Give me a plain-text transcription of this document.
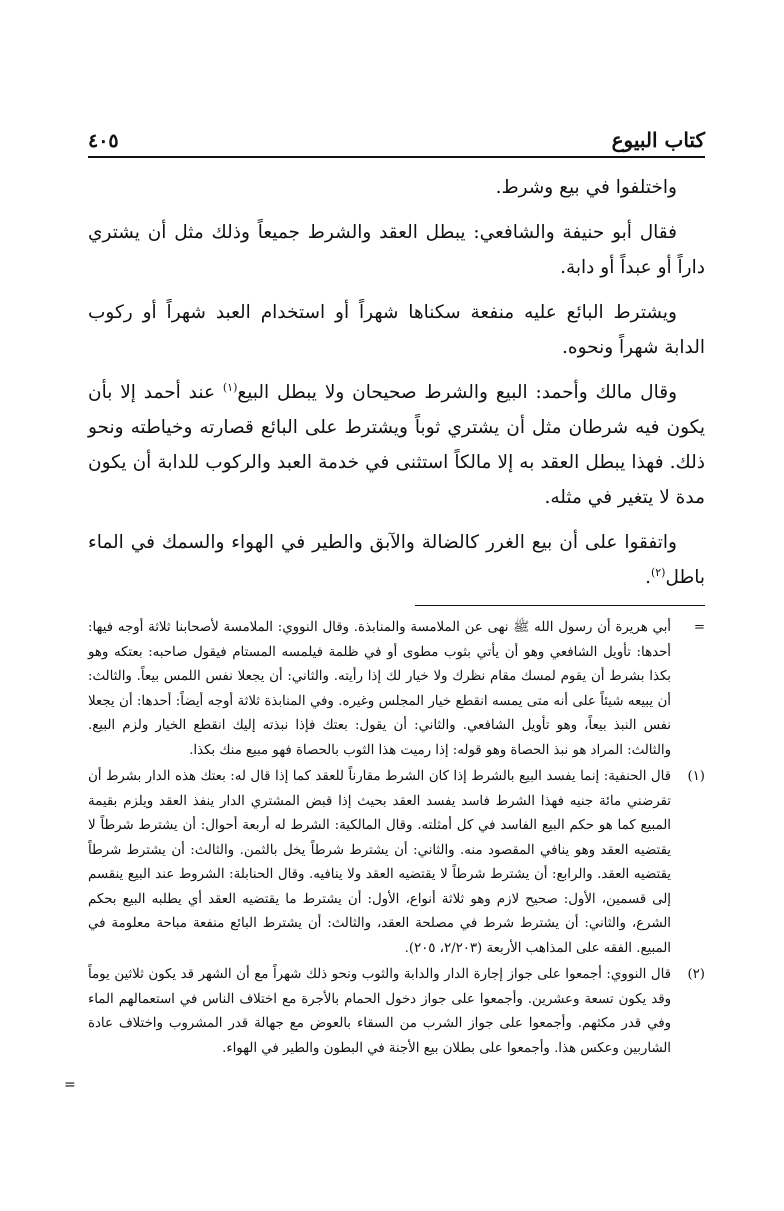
كتاب البيوع
٤٠٥

واختلفوا في بيع وشرط.

فقال أبو حنيفة والشافعي: يبطل العقد والشرط جميعاً وذلك مثل أن يشتري داراً أو عبداً أو دابة.

ويشترط البائع عليه منفعة سكناها شهراً أو استخدام العبد شهراً أو ركوب الدابة شهراً ونحوه.

وقال مالك وأحمد: البيع والشرط صحيحان ولا يبطل البيع$^{(١)}$ عند أحمد إلا بأن يكون فيه شرطان مثل أن يشتري ثوباً ويشترط على البائع قصارته وخياطته ونحو ذلك. فهذا يبطل العقد به إلا مالكاً استثنى في خدمة العبد والركوب للدابة أن يكون مدة لا يتغير في مثله.

واتفقوا على أن بيع الغرر كالضالة والآبق والطير في الهواء والسمك في الماء باطل$^{(٢)}$.

=
أبي هريرة أن رسول الله ﷺ نهى عن الملامسة والمنابذة. وقال النووي: الملامسة لأصحابنا ثلاثة أوجه فيها: أحدها: تأويل الشافعي وهو أن يأتي بثوب مطوى أو في ظلمة فيلمسه المستام فيقول صاحبه: بعتكه وهو بكذا بشرط أن يقوم لمسك مقام نظرك ولا خيار لك إذا رأيته. والثاني: أن يجعلا نفس اللمس بيعاً. والثالث: أن يبيعه شيئاً على أنه متى يمسه انقطع خيار المجلس وغيره. وفي المنابذة ثلاثة أوجه أيضاً: أحدها: أن يجعلا نفس النبذ بيعاً، وهو تأويل الشافعي. والثاني: أن يقول: بعتك فإذا نبذته إليك انقطع الخيار ولزم البيع. والثالث: المراد هو نبذ الحصاة وهو قوله: إذا رميت هذا الثوب بالحصاة فهو مبيع منك بكذا.
(١)
قال الحنفية: إنما يفسد البيع بالشرط إذا كان الشرط مقارناً للعقد كما إذا قال له: بعتك هذه الدار بشرط أن تقرضني مائة جنيه فهذا الشرط فاسد يفسد العقد بحيث إذا قبض المشتري الدار ينفذ العقد ويلزم بقيمة المبيع كما هو حكم البيع الفاسد في كل أمثلته. وقال المالكية: الشرط له أربعة أحوال: أن يشترط شرطاً لا يقتضيه العقد وهو ينافي المقصود منه. والثاني: أن يشترط شرطاً يخل بالثمن. والثالث: أن يشترط شرطاً يقتضيه العقد. والرابع: أن يشترط شرطاً لا يقتضيه العقد ولا ينافيه. وقال الحنابلة: الشروط عند البيع ينقسم إلى قسمين، الأول: صحيح لازم وهو ثلاثة أنواع، الأول: أن يشترط ما يقتضيه العقد أي يطلبه البيع بحكم الشرع، والثاني: أن يشترط شرط في مصلحة العقد، والثالث: أن يشترط البائع منفعة مباحة معلومة في المبيع. الفقه على المذاهب الأربعة (٢/٢٠٣، ٢٠٥).
(٢)
قال النووي: أجمعوا على جواز إجارة الدار والدابة والثوب ونحو ذلك شهراً مع أن الشهر قد يكون ثلاثين يوماً وقد يكون تسعة وعشرين. وأجمعوا على جواز دخول الحمام بالأجرة مع اختلاف الناس في استعمالهم الماء وفي قدر مكثهم. وأجمعوا على جواز الشرب من السقاء بالعوض مع جهالة قدر المشروب واختلاف عادة الشاربين وعكس هذا. وأجمعوا على بطلان بيع الأجنة في البطون والطير في الهواء.
=
